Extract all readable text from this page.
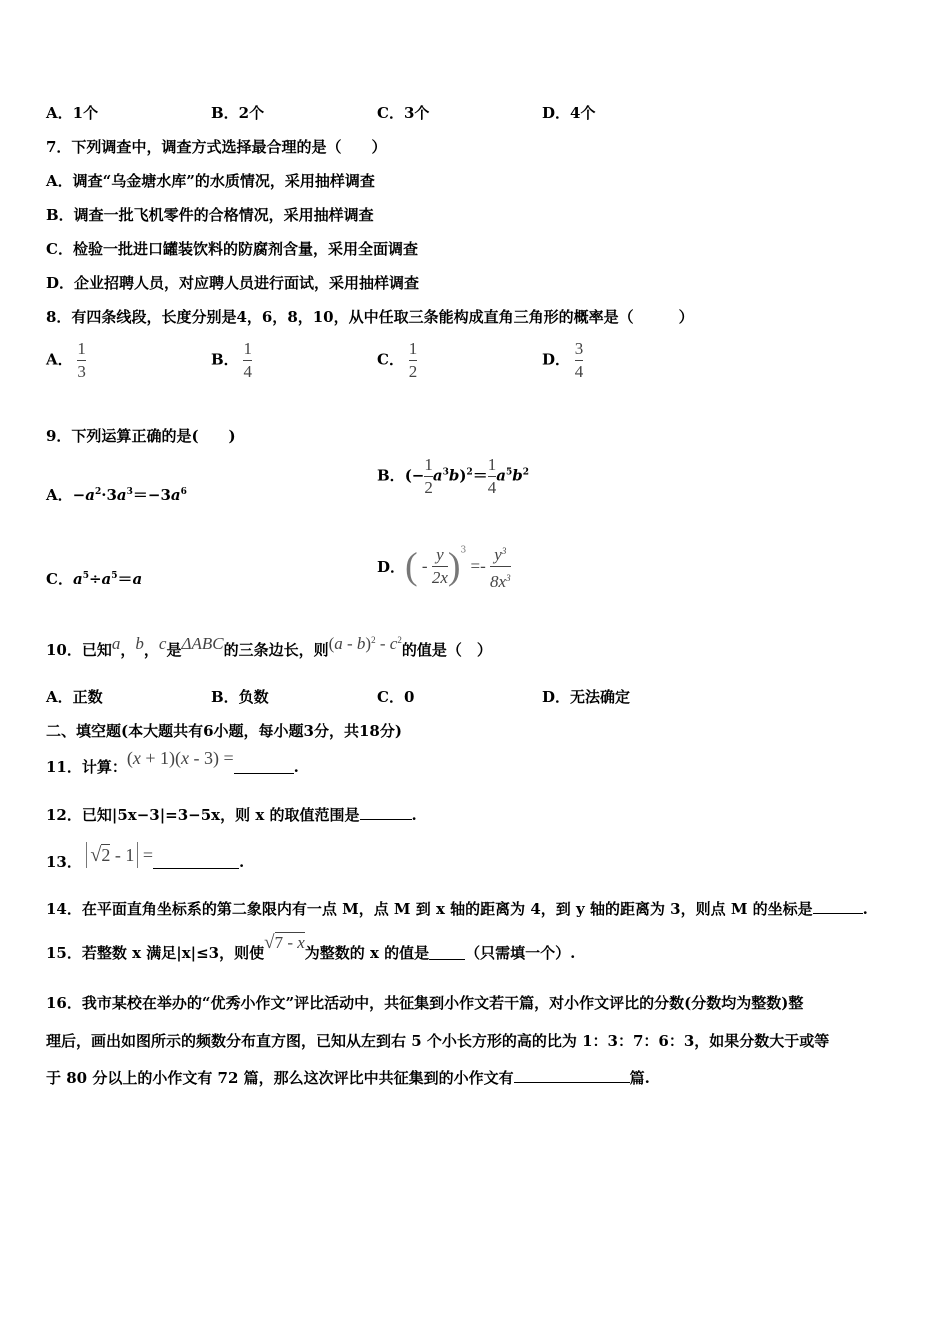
A．1个	B．2个	C．3个	D．4个
7．下列调查中，调查方式选择最合理的是（　　）
A．调查“乌金塘水库”的水质情况，采用抽样调查
B．调查一批飞机零件的合格情况，采用抽样调查
C．检验一批进口罐装饮料的防腐剂含量，采用全面调查
D．企业招聘人员，对应聘人员进行面试，采用抽样调查
8．有四条线段，长度分别是4，6，8，10，从中任取三条能构成直角三角形的概率是（　　　）
A． $\frac{1}{3}$	B． $\frac{1}{4}$	C． $\frac{1}{2}$	D． $\frac{3}{4}$
9．下列运算正确的是(　　)
A．$-a^2\cdot 3a^3=-3a^6$
B．(− $\frac{1}{2} a^3b)^2= \frac{1}{4} a^5b^2$
C．$a^5\div a^5=a$
D．( - $\frac{y}{2x} )^3 =- \frac{y^3}{8x^3}$
10．已知a，b，c是ΔABC的三条边长，则$(a - b)^2 - c^2$的值是（　）
A．正数	B．负数	C．0	D．无法确定
二、填空题(本大题共有6小题，每小题3分，共18分)
11．计算：(x + 1)(x - 3) =	.
12．已知|5x−3|=3−5x，则 x 的取值范围是	.
13． √2 - 1 =	.
14．在平面直角坐标系的第二象限内有一点 M，点 M 到 x 轴的距离为 4，到 y 轴的距离为 3，则点 M 的坐标是	.
15．若整数 x 满足|x|≤3，则使√7 - x为整数的 x 的值是 （只需填一个）.
16．我市某校在举办的“优秀小作文”评比活动中，共征集到小作文若干篇，对小作文评比的分数(分数均为整数)整
理后，画出如图所示的频数分布直方图，已知从左到右 5 个小长方形的高的比为 1：3：7：6：3，如果分数大于或等
于 80 分以上的小作文有 72 篇，那么这次评比中共征集到的小作文有	篇.
